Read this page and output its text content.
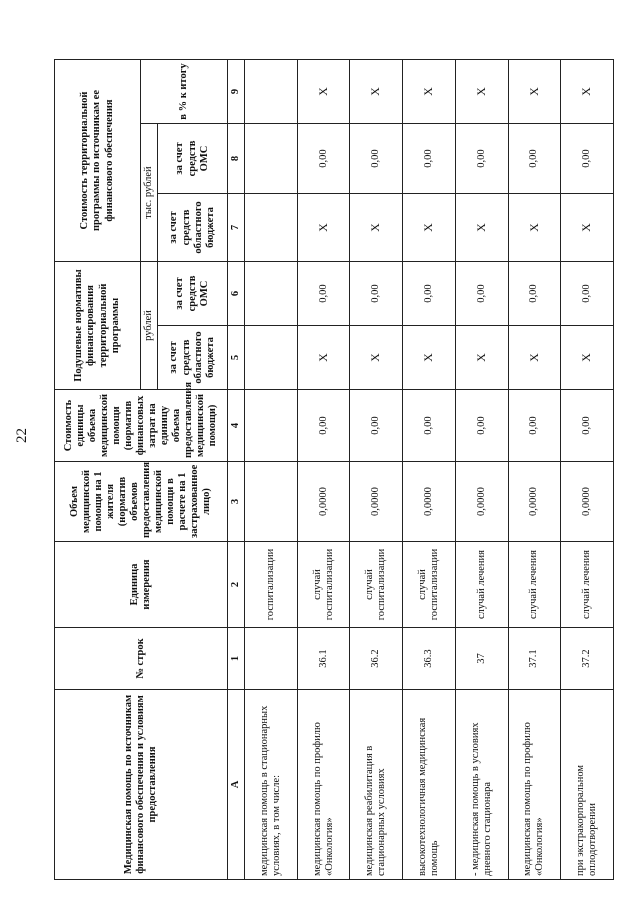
22
Медицинская помощь по источникам финансового обеспечения и условиям предоставления	№ строк	Единица измерения	Объем медицинской помощи на 1 жителя (норматив объемов предоставления медицинской помощи в расчете на 1 застрахованное лицо)	Стоимость единицы объема медицинской помощи (норматив финансовых затрат на единицу объема предоставления медицинской помощи)	Подушевые нормативы финансирования территориальной программы		Стоимость территориальной программы по источникам ее финансового обеспечения		
					рублей		тыс. рублей		в % к итогу
					за счет средств областного бюджета	за счет средств ОМС	за счет средств областного бюджета	за счет средств ОМС	
А	1	2	3	4	5	6	7	8	9
медицинская помощь в стационарных условиях, в том числе:		госпитализации							
медицинская помощь по профилю «Онкология»	36.1	случай госпитализации	0,0000	0,00	Х	0,00	Х	0,00	Х
медицинская реабилитация в стационарных условиях	36.2	случай госпитализации	0,0000	0,00	Х	0,00	Х	0,00	Х
высокотехнологичная медицинская помощь	36.3	случай госпитализации	0,0000	0,00	Х	0,00	Х	0,00	Х
- медицинская помощь в условиях дневного стационара	37	случай лечения	0,0000	0,00	Х	0,00	Х	0,00	Х
медицинская помощь по профилю «Онкология»	37.1	случай лечения	0,0000	0,00	Х	0,00	Х	0,00	Х
при экстракорпоральном оплодотворении	37.2	случай лечения	0,0000	0,00	Х	0,00	Х	0,00	Х
